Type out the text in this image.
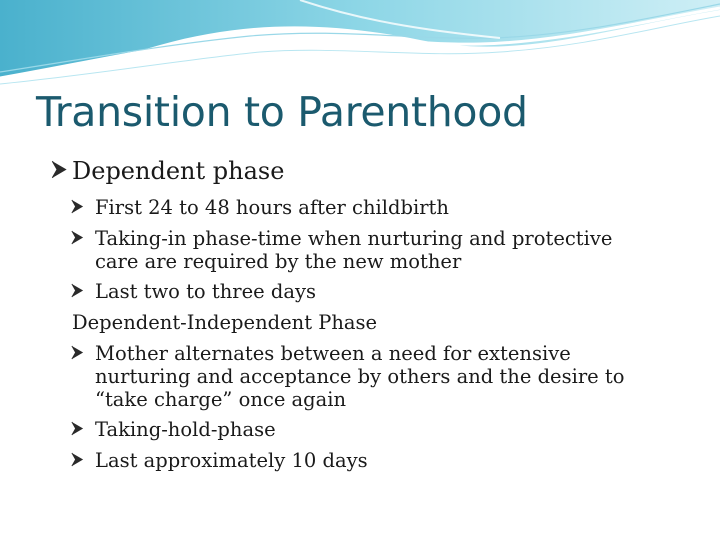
Transition to Parenthood
Dependent phase
First 24 to 48 hours after childbirth
Taking-in phase-time when nurturing and protective
care are required by the new mother
Last two to three days
Dependent-Independent Phase
Mother alternates between a need for extensive
nurturing and acceptance by others and the desire to
“take charge” once again
Taking-hold-phase
Last approximately 10 days
